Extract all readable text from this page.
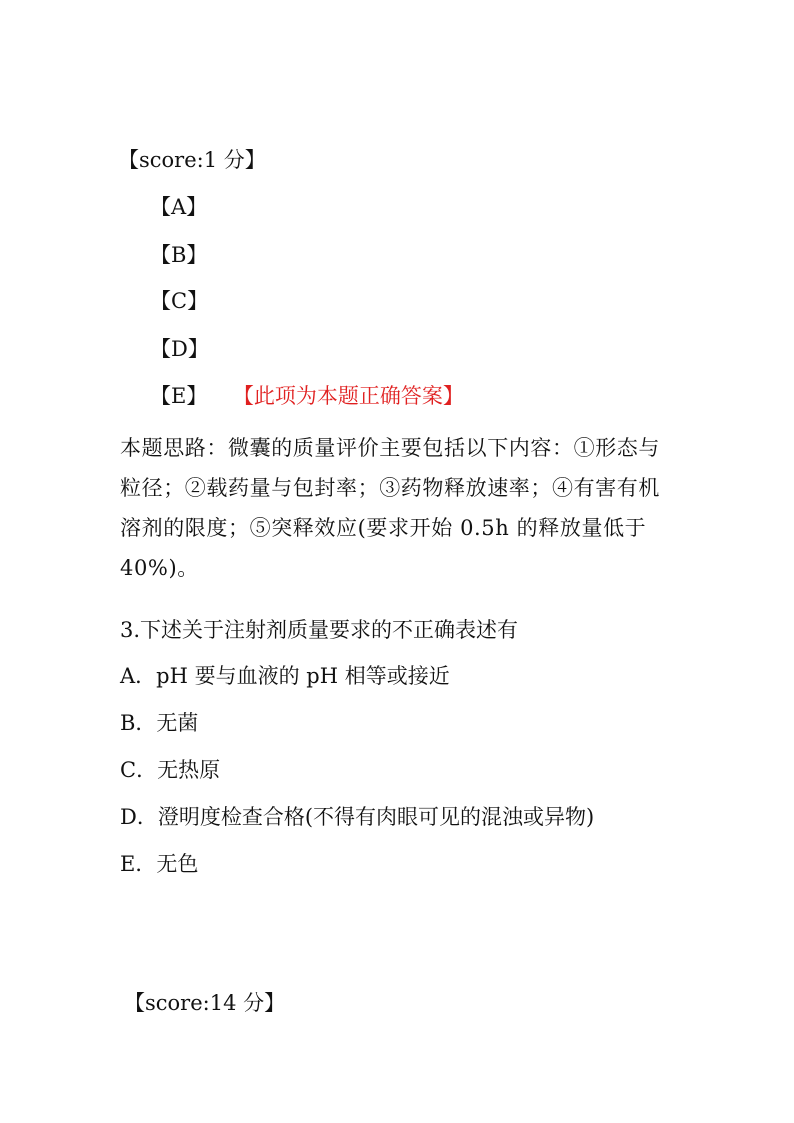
【score:1 分】
【A】
【B】
【C】
【D】
【E】 【此项为本题正确答案】

本题思路：微囊的质量评价主要包括以下内容：①形态与粒径；②载药量与包封率；③药物释放速率；④有害有机溶剂的限度；⑤突释效应(要求开始 0.5h 的释放量低于 40%)。

3.下述关于注射剂质量要求的不正确表述有
A．pH 要与血液的 pH 相等或接近
B．无菌
C．无热原
D．澄明度检查合格(不得有肉眼可见的混浊或异物)
E．无色
【score:14 分】
